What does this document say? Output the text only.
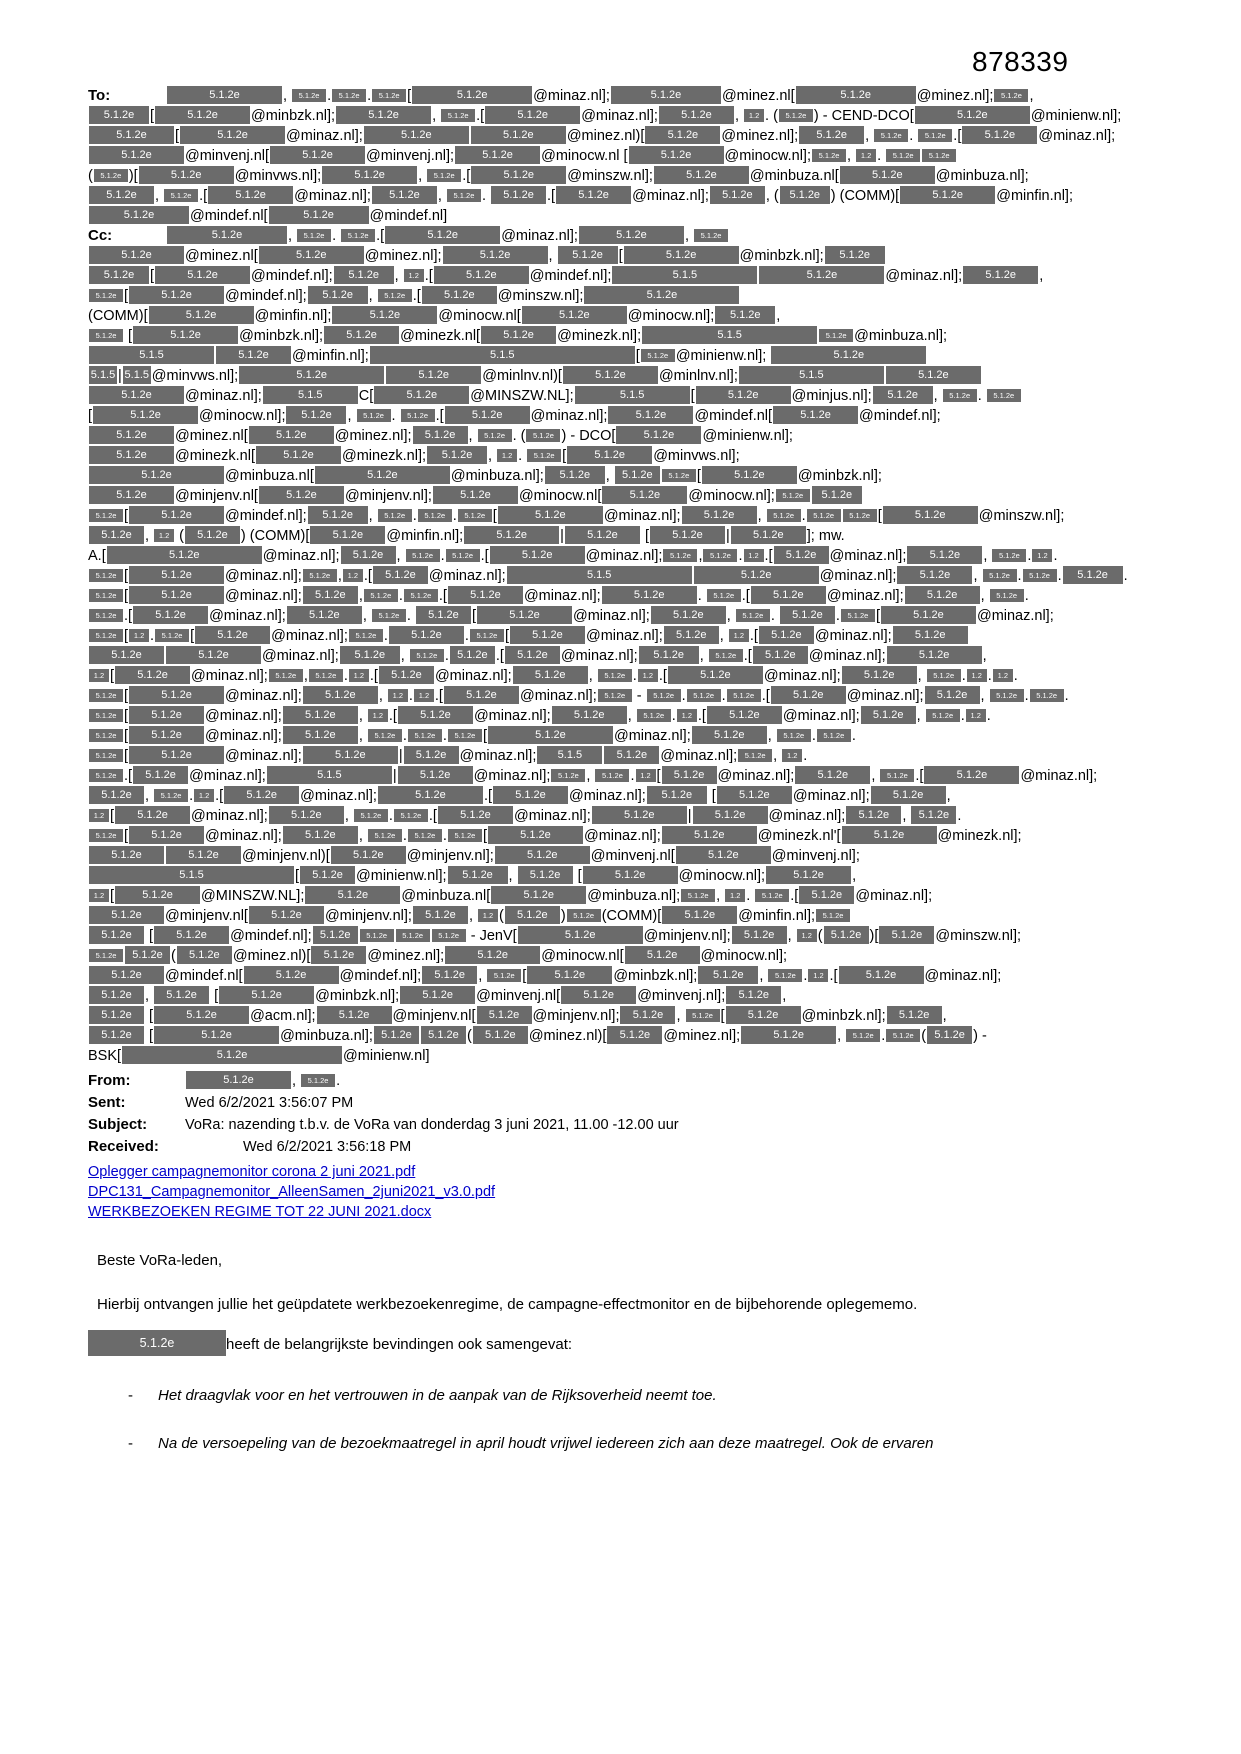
878339
To:	5.1.2e	, 5.1.2e . 5.1.2e . 5.1.2e [	5.1.2e	@minaz.nl];	5.1.2e	@minez.nl[	5.1.2e	@minez.nl]; 5.1.2e ,
5.1.2e [	5.1.2e @minbzk.nl];	5.1.2e , 5.1.2e .[	5.1.2e @minaz.nl]; 5.1.2e , 1.2 . ( 5.1.2e ) - CEND-DCO[	5.1.2e	@minienw.nl];
5.1.2e [	5.1.2e	@minaz.nl];	5.1.2e	5.1.2e @minez.nl)[ 5.1.2e @minez.nl]; 5.1.2e , 5.1.2e . 5.1.2e .[ 5.1.2e @minaz.nl];
5.1.2e @minvenj.nl[	5.1.2e @minvenj.nl];	5.1.2e @minocw.nl [	5.1.2e @minocw.nl]; 5.1.2e , 1.2 . 5.1.2e 5.1.2e
( 5.1.2e )[	5.1.2e @minvws.nl];	5.1.2e , 5.1.2e .[	5.1.2e @minszw.nl];	5.1.2e @minbuza.nl[	5.1.2e @minbuza.nl];
5.1.2e , 5.1.2e .[	5.1.2e @minaz.nl]; 5.1.2e , 5.1.2e . 5.1.2e .[ 5.1.2e @minaz.nl]; 5.1.2e , ( 5.1.2e ) (COMM)[	5.1.2e @minfin.nl];
5.1.2e @mindef.nl[	5.1.2e @mindef.nl]
Cc:	5.1.2e	, 5.1.2e . 5.1.2e .[	5.1.2e	@minaz.nl];	5.1.2e	, 5.1.2e
5.1.2e @minez.nl[	5.1.2e	@minez.nl];	5.1.2e	, 5.1.2e [	5.1.2e	@minbzk.nl]; 5.1.2e
5.1.2e [	5.1.2e @mindef.nl]; 5.1.2e , 1.2 .[	5.1.2e @mindef.nl];	5.1.5	5.1.2e	@minaz.nl]; 5.1.2e ,
5.1.2e [	5.1.2e @mindef.nl]; 5.1.2e , 5.1.2e .[ 5.1.2e @minszw.nl];	5.1.2e
(COMM)[	5.1.2e	@minfin.nl];	5.1.2e	@minocw.nl[	5.1.2e	@minocw.nl]; 5.1.2e ,
5.1.2e [	5.1.2e	@minbzk.nl]; 5.1.2e @minezk.nl[ 5.1.2e @minezk.nl];	5.1.5	5.1.2e @minbuza.nl];
5.1.5	5.1.2e @minfin.nl];	5.1.5	[ 5.1.2e @minienw.nl];	5.1.2e
5.1.5 | 5.1.5 @minvws.nl];	5.1.2e	5.1.2e @minlnv.nl)[	5.1.2e @minlnv.nl];	5.1.5	5.1.2e
5.1.2e @minaz.nl];	5.1.5	C[	5.1.2e @MINSZW.NL];	5.1.5	[	5.1.2e @minjus.nl]; 5.1.2e , 5.1.2e . 5.1.2e
[	5.1.2e	@minocw.nl]; 5.1.2e , 5.1.2e . 5.1.2e .[	5.1.2e @minaz.nl];	5.1.2e @mindef.nl[	5.1.2e @mindef.nl];
5.1.2e @minez.nl[	5.1.2e @minez.nl]; 5.1.2e , 5.1.2e . ( 5.1.2e ) - DCO[	5.1.2e @minienw.nl];
5.1.2e @minezk.nl[	5.1.2e @minezk.nl]; 5.1.2e , 1.2 . 5.1.2e [	5.1.2e @minvws.nl];
5.1.2e	@minbuza.nl[	5.1.2e	@minbuza.nl]; 5.1.2e , 5.1.2e 5.1.2e [	5.1.2e @minbzk.nl];
5.1.2e @minjenv.nl[	5.1.2e @minjenv.nl];	5.1.2e @minocw.nl[	5.1.2e @minocw.nl]; 5.1.2e 5.1.2e
5.1.2e [	5.1.2e @mindef.nl]; 5.1.2e , 5.1.2e . 5.1.2e . 5.1.2e [	5.1.2e	@minaz.nl]; 5.1.2e , 5.1.2e . 5.1.2e 5.1.2e [	5.1.2e @minszw.nl];
5.1.2e , 1.2 ( 5.1.2e ) (COMM)[ 5.1.2e @minfin.nl];	5.1.2e | 5.1.2e [ 5.1.2e | 5.1.2e ]; mw.
A.[	5.1.2e	@minaz.nl]; 5.1.2e , 5.1.2e . 5.1.2e .[	5.1.2e @minaz.nl]; 5.1.2e , 5.1.2e . 1.2 .[ 5.1.2e @minaz.nl]; 5.1.2e , 5.1.2e . 1.2 .
5.1.2e [	5.1.2e @minaz.nl]; 5.1.2e , 1.2 .[ 5.1.2e @minaz.nl];	5.1.5	5.1.2e	@minaz.nl]; 5.1.2e , 5.1.2e . 5.1.2e . 5.1.2e .
5.1.2e [	5.1.2e @minaz.nl]; 5.1.2e , 5.1.2e . 5.1.2e .[ 5.1.2e @minaz.nl];	5.1.2e . 5.1.2e .[ 5.1.2e @minaz.nl]; 5.1.2e , 5.1.2e .
5.1.2e .[ 5.1.2e @minaz.nl]; 5.1.2e , 5.1.2e . 5.1.2e [	5.1.2e @minaz.nl]; 5.1.2e , 5.1.2e . 5.1.2e . 5.1.2e [	5.1.2e @minaz.nl];
5.1.2e [ 1.2 . 5.1.2e [ 5.1.2e @minaz.nl]; 5.1.2e . 5.1.2e . 5.1.2e [ 5.1.2e @minaz.nl]; 5.1.2e , 1.2 .[ 5.1.2e @minaz.nl]; 5.1.2e
5.1.2e	5.1.2e @minaz.nl]; 5.1.2e , 5.1.2e . 5.1.2e .[ 5.1.2e @minaz.nl]; 5.1.2e , 5.1.2e .[ 5.1.2e @minaz.nl];	5.1.2e ,
1.2 [ 5.1.2e @minaz.nl]; 5.1.2e , 5.1.2e . 1.2 .[ 5.1.2e @minaz.nl]; 5.1.2e , 5.1.2e . 1.2 .[	5.1.2e @minaz.nl]; 5.1.2e , 5.1.2e . 1.2 . 1.2 .
5.1.2e [	5.1.2e @minaz.nl]; 5.1.2e , 1.2 . 1.2 .[ 5.1.2e @minaz.nl]; 5.1.2e - 5.1.2e . 5.1.2e . 5.1.2e .[ 5.1.2e @minaz.nl]; 5.1.2e , 5.1.2e . 5.1.2e .
5.1.2e [ 5.1.2e @minaz.nl]; 5.1.2e , 1.2 .[ 5.1.2e @minaz.nl]; 5.1.2e , 5.1.2e . 1.2 .[ 5.1.2e @minaz.nl]; 5.1.2e , 5.1.2e . 1.2 .
5.1.2e [ 5.1.2e @minaz.nl]; 5.1.2e , 5.1.2e . 5.1.2e . 5.1.2e [	5.1.2e	@minaz.nl]; 5.1.2e , 5.1.2e . 5.1.2e .
5.1.2e [	5.1.2e @minaz.nl];	5.1.2e | 5.1.2e @minaz.nl]; 5.1.5	5.1.2e @minaz.nl]; 5.1.2e , 1.2 .
5.1.2e .[ 5.1.2e @minaz.nl];	5.1.5	| 5.1.2e @minaz.nl]; 5.1.2e , 5.1.2e . 1.2 [ 5.1.2e @minaz.nl]; 5.1.2e , 5.1.2e .[	5.1.2e @minaz.nl];
5.1.2e , 5.1.2e . 1.2 .[ 5.1.2e @minaz.nl];	5.1.2e	.[ 5.1.2e @minaz.nl]; 5.1.2e [ 5.1.2e @minaz.nl]; 5.1.2e ,
1.2 [ 5.1.2e @minaz.nl]; 5.1.2e , 5.1.2e . 5.1.2e .[ 5.1.2e @minaz.nl];	5.1.2e | 5.1.2e @minaz.nl]; 5.1.2e , 5.1.2e .
5.1.2e [ 5.1.2e @minaz.nl]; 5.1.2e , 5.1.2e . 5.1.2e . 5.1.2e [	5.1.2e @minaz.nl];	5.1.2e @minezk.nl'[	5.1.2e @minezk.nl];
5.1.2e	5.1.2e @minjenv.nl)[ 5.1.2e @minjenv.nl];	5.1.2e @minvenj.nl[	5.1.2e @minvenj.nl];
5.1.5	[ 5.1.2e @minienw.nl]; 5.1.2e , 5.1.2e [	5.1.2e @minocw.nl];	5.1.2e ,
1.2 [	5.1.2e @MINSZW.NL];	5.1.2e @minbuza.nl[	5.1.2e @minbuza.nl]; 5.1.2e , 1.2 . 5.1.2e .[ 5.1.2e @minaz.nl];
5.1.2e @minjenv.nl[ 5.1.2e @minjenv.nl]; 5.1.2e , 1.2 ( 5.1.2e ) 5.1.2e (COMM)[ 5.1.2e @minfin.nl]; 5.1.2e
5.1.2e [ 5.1.2e @mindef.nl]; 5.1.2e 5.1.2e 5.1.2e 5.1.2e - JenV[	5.1.2e	@minjenv.nl]; 5.1.2e , 1.2 ( 5.1.2e )[ 5.1.2e @minszw.nl];
5.1.2e 5.1.2e ( 5.1.2e @minez.nl)[ 5.1.2e @minez.nl];	5.1.2e @minocw.nl[ 5.1.2e @minocw.nl];
5.1.2e @mindef.nl[	5.1.2e @mindef.nl]; 5.1.2e , 5.1.2e [	5.1.2e @minbzk.nl]; 5.1.2e , 5.1.2e . 1.2 .[	5.1.2e @minaz.nl];
5.1.2e , 5.1.2e [	5.1.2e @minbzk.nl]; 5.1.2e @minvenj.nl[ 5.1.2e @minvenj.nl]; 5.1.2e ,
5.1.2e [	5.1.2e @acm.nl]; 5.1.2e @minjenv.nl[ 5.1.2e @minjenv.nl]; 5.1.2e , 5.1.2e [ 5.1.2e @minbzk.nl]; 5.1.2e ,
5.1.2e [	5.1.2e	@minbuza.nl]; 5.1.2e 5.1.2e ( 5.1.2e @minez.nl)[ 5.1.2e @minez.nl];	5.1.2e , 5.1.2e . 5.1.2e ( 5.1.2e ) -
BSK[	5.1.2e	@minienw.nl]
From:	5.1.2e	, 5.1.2e .
Sent:	Wed 6/2/2021 3:56:07 PM
Subject:	VoRa: nazending t.b.v. de VoRa van donderdag 3 juni 2021, 11.00 -12.00 uur
Received:	Wed 6/2/2021 3:56:18 PM
Oplegger campagnemonitor corona 2 juni 2021.pdf
DPC131_Campagnemonitor_AlleenSamen_2juni2021_v3.0.pdf
WERKBEZOEKEN REGIME TOT 22 JUNI 2021.docx
Beste VoRa-leden,
Hierbij ontvangen jullie het geüpdatete werkbezoekenregime, de campagne-effectmonitor en de bijbehorende oplegememo.
5.1.2e	heeft de belangrijkste bevindingen ook samengevat:
- Het draagvlak voor en het vertrouwen in de aanpak van de Rijksoverheid neemt toe.
- Na de versoepeling van de bezoekmaatregel in april houdt vrijwel iedereen zich aan deze maatregel. Ook de ervaren
